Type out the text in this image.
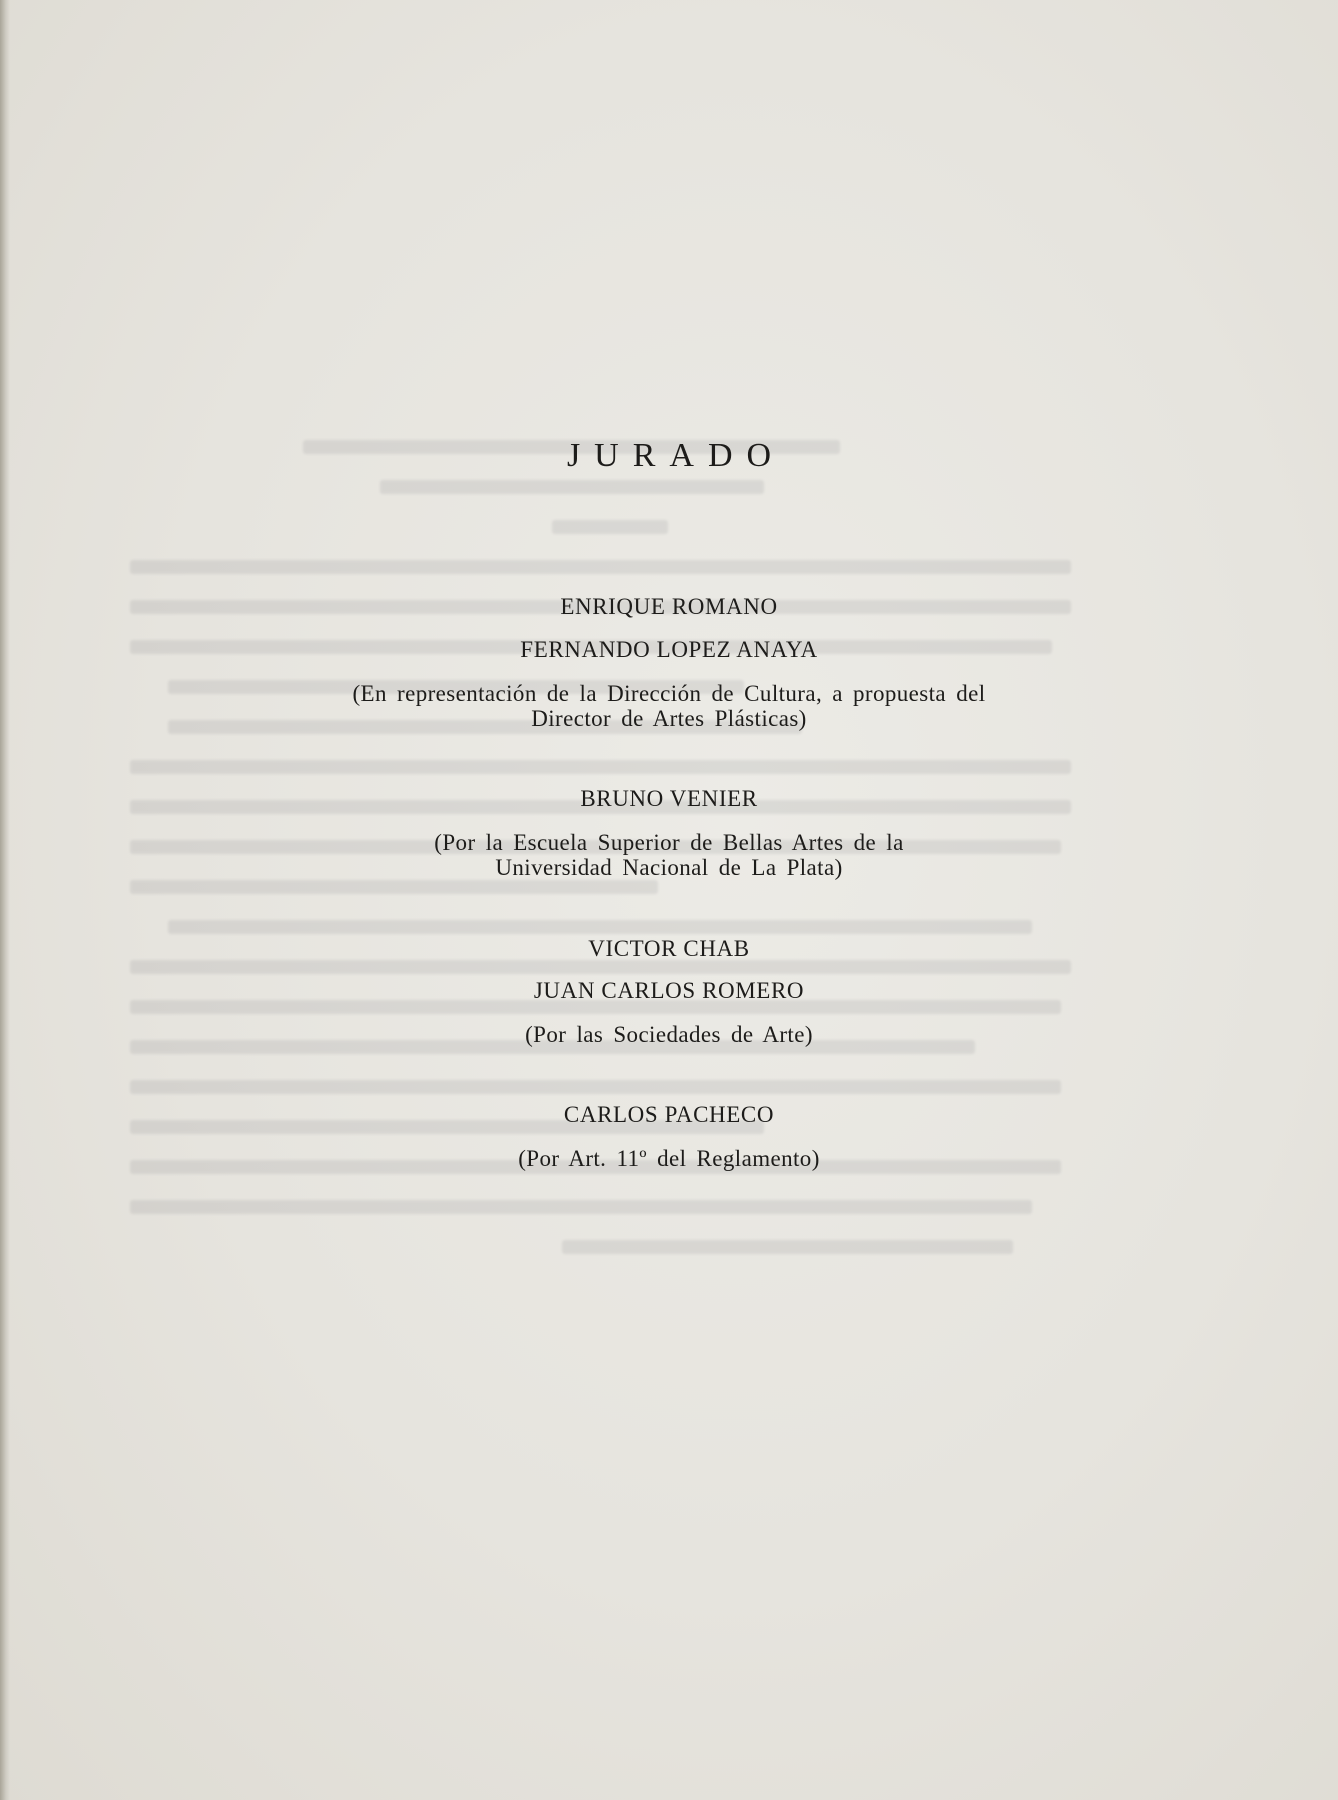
JURADO
ENRIQUE ROMANO
FERNANDO LOPEZ ANAYA
(En representación de la Dirección de Cultura, a propuesta del
Director de Artes Plásticas)
BRUNO VENIER
(Por la Escuela Superior de Bellas Artes de la
Universidad Nacional de La Plata)
VICTOR CHAB
JUAN CARLOS ROMERO
(Por las Sociedades de Arte)
CARLOS PACHECO
(Por Art. 11º del Reglamento)
